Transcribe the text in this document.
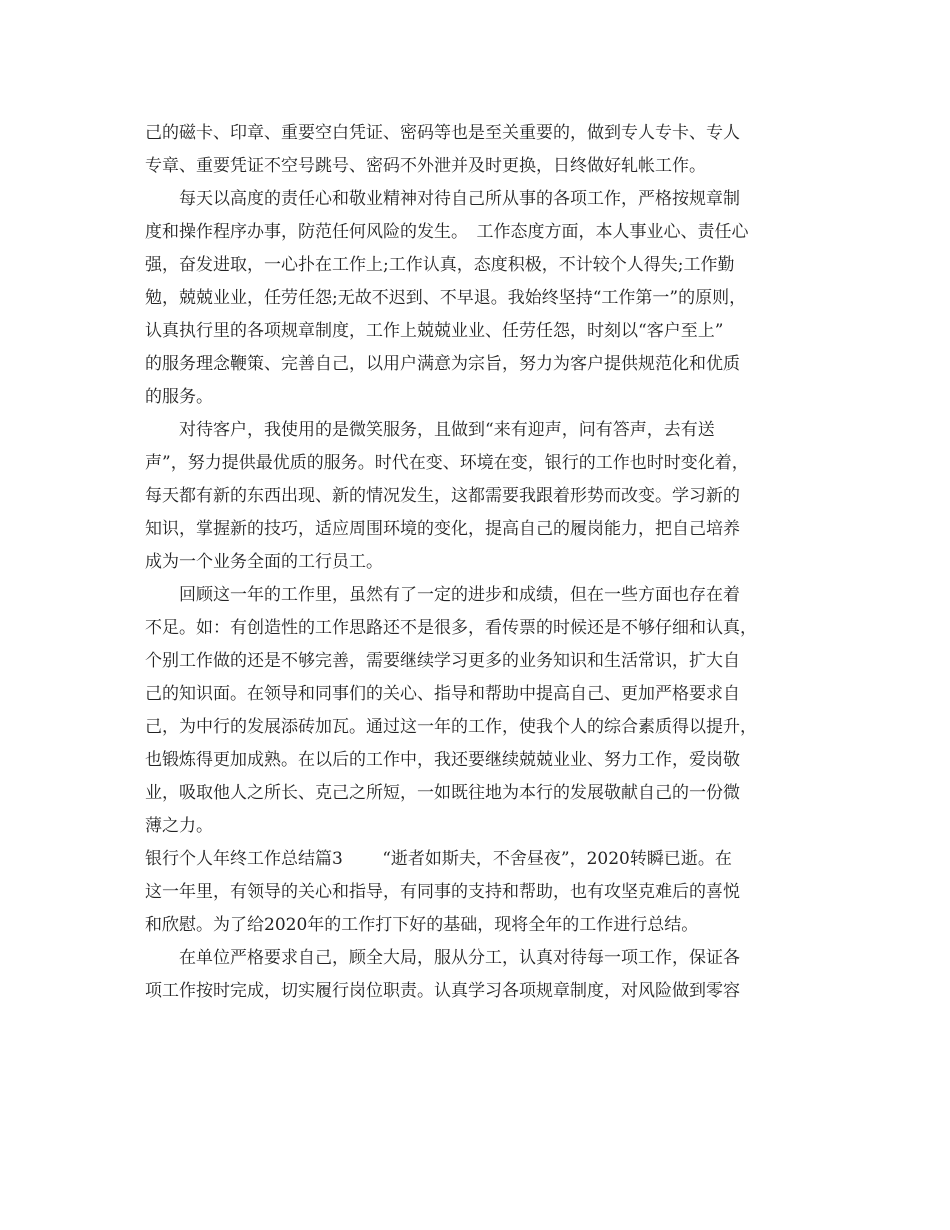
己的磁卡、印章、重要空白凭证、密码等也是至关重要的，做到专人专卡、专人
专章、重要凭证不空号跳号、密码不外泄并及时更换，日终做好轧帐工作。
　　每天以高度的责任心和敬业精神对待自己所从事的各项工作，严格按规章制
度和操作程序办事，防范任何风险的发生。　工作态度方面，本人事业心、责任心
强，奋发进取，一心扑在工作上;工作认真，态度积极，不计较个人得失;工作勤
勉，兢兢业业，任劳任怨;无故不迟到、不早退。我始终坚持“工作第一”的原则，
认真执行里的各项规章制度，工作上兢兢业业、任劳任怨，时刻以“客户至上”
的服务理念鞭策、完善自己，以用户满意为宗旨，努力为客户提供规范化和优质
的服务。
　　对待客户，我使用的是微笑服务，且做到“来有迎声，问有答声，去有送
声”，努力提供最优质的服务。时代在变、环境在变，银行的工作也时时变化着，
每天都有新的东西出现、新的情况发生，这都需要我跟着形势而改变。学习新的
知识，掌握新的技巧，适应周围环境的变化，提高自己的履岗能力，把自己培养
成为一个业务全面的工行员工。
　　回顾这一年的工作里，虽然有了一定的进步和成绩，但在一些方面也存在着
不足。如：有创造性的工作思路还不是很多，看传票的时候还是不够仔细和认真，
个别工作做的还是不够完善，需要继续学习更多的业务知识和生活常识，扩大自
己的知识面。在领导和同事们的关心、指导和帮助中提高自己、更加严格要求自
己，为中行的发展添砖加瓦。通过这一年的工作，使我个人的综合素质得以提升，
也锻炼得更加成熟。在以后的工作中，我还要继续兢兢业业、努力工作，爱岗敬
业，吸取他人之所长、克己之所短，一如既往地为本行的发展敬献自己的一份微
薄之力。
银行个人年终工作总结篇3　　 “逝者如斯夫，不舍昼夜”，2020转瞬已逝。在
这一年里，有领导的关心和指导，有同事的支持和帮助，也有攻坚克难后的喜悦
和欣慰。为了给2020年的工作打下好的基础，现将全年的工作进行总结。
　　在单位严格要求自己，顾全大局，服从分工，认真对待每一项工作，保证各
项工作按时完成，切实履行岗位职责。认真学习各项规章制度，对风险做到零容
